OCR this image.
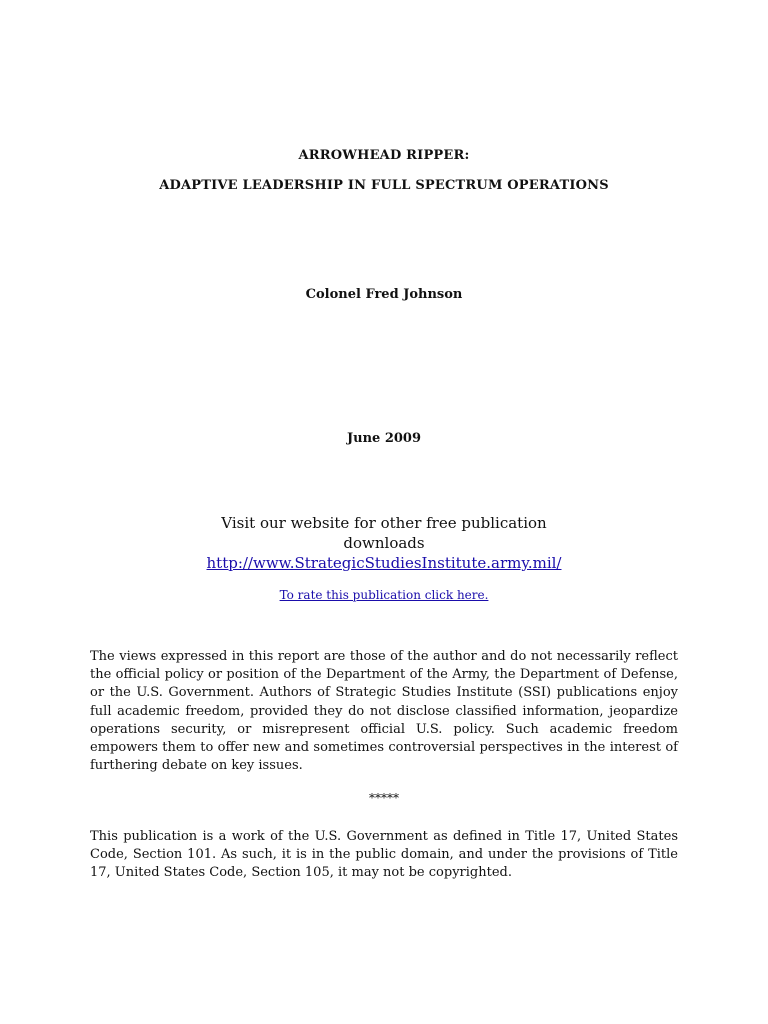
ARROWHEAD RIPPER:
ADAPTIVE LEADERSHIP IN FULL SPECTRUM OPERATIONS
Colonel Fred Johnson
June 2009
Visit our website for other free publication
downloads
http://www.StrategicStudiesInstitute.army.mil/
To rate this publication click here.

The views expressed in this report are those of the author and do not necessarily reflect the official policy or position of the Department of the Army, the Department of Defense, or the U.S. Government. Authors of Strategic Studies Institute (SSI) publications enjoy full academic freedom, provided they do not disclose classified information, jeopardize operations security, or misrepresent official U.S. policy. Such academic freedom empowers them to offer new and sometimes controversial perspectives in the interest of furthering debate on key issues.

*****

This publication is a work of the U.S. Government as defined in Title 17, United States Code, Section 101. As such, it is in the public domain, and under the provisions of Title 17, United States Code, Section 105, it may not be copyrighted.
